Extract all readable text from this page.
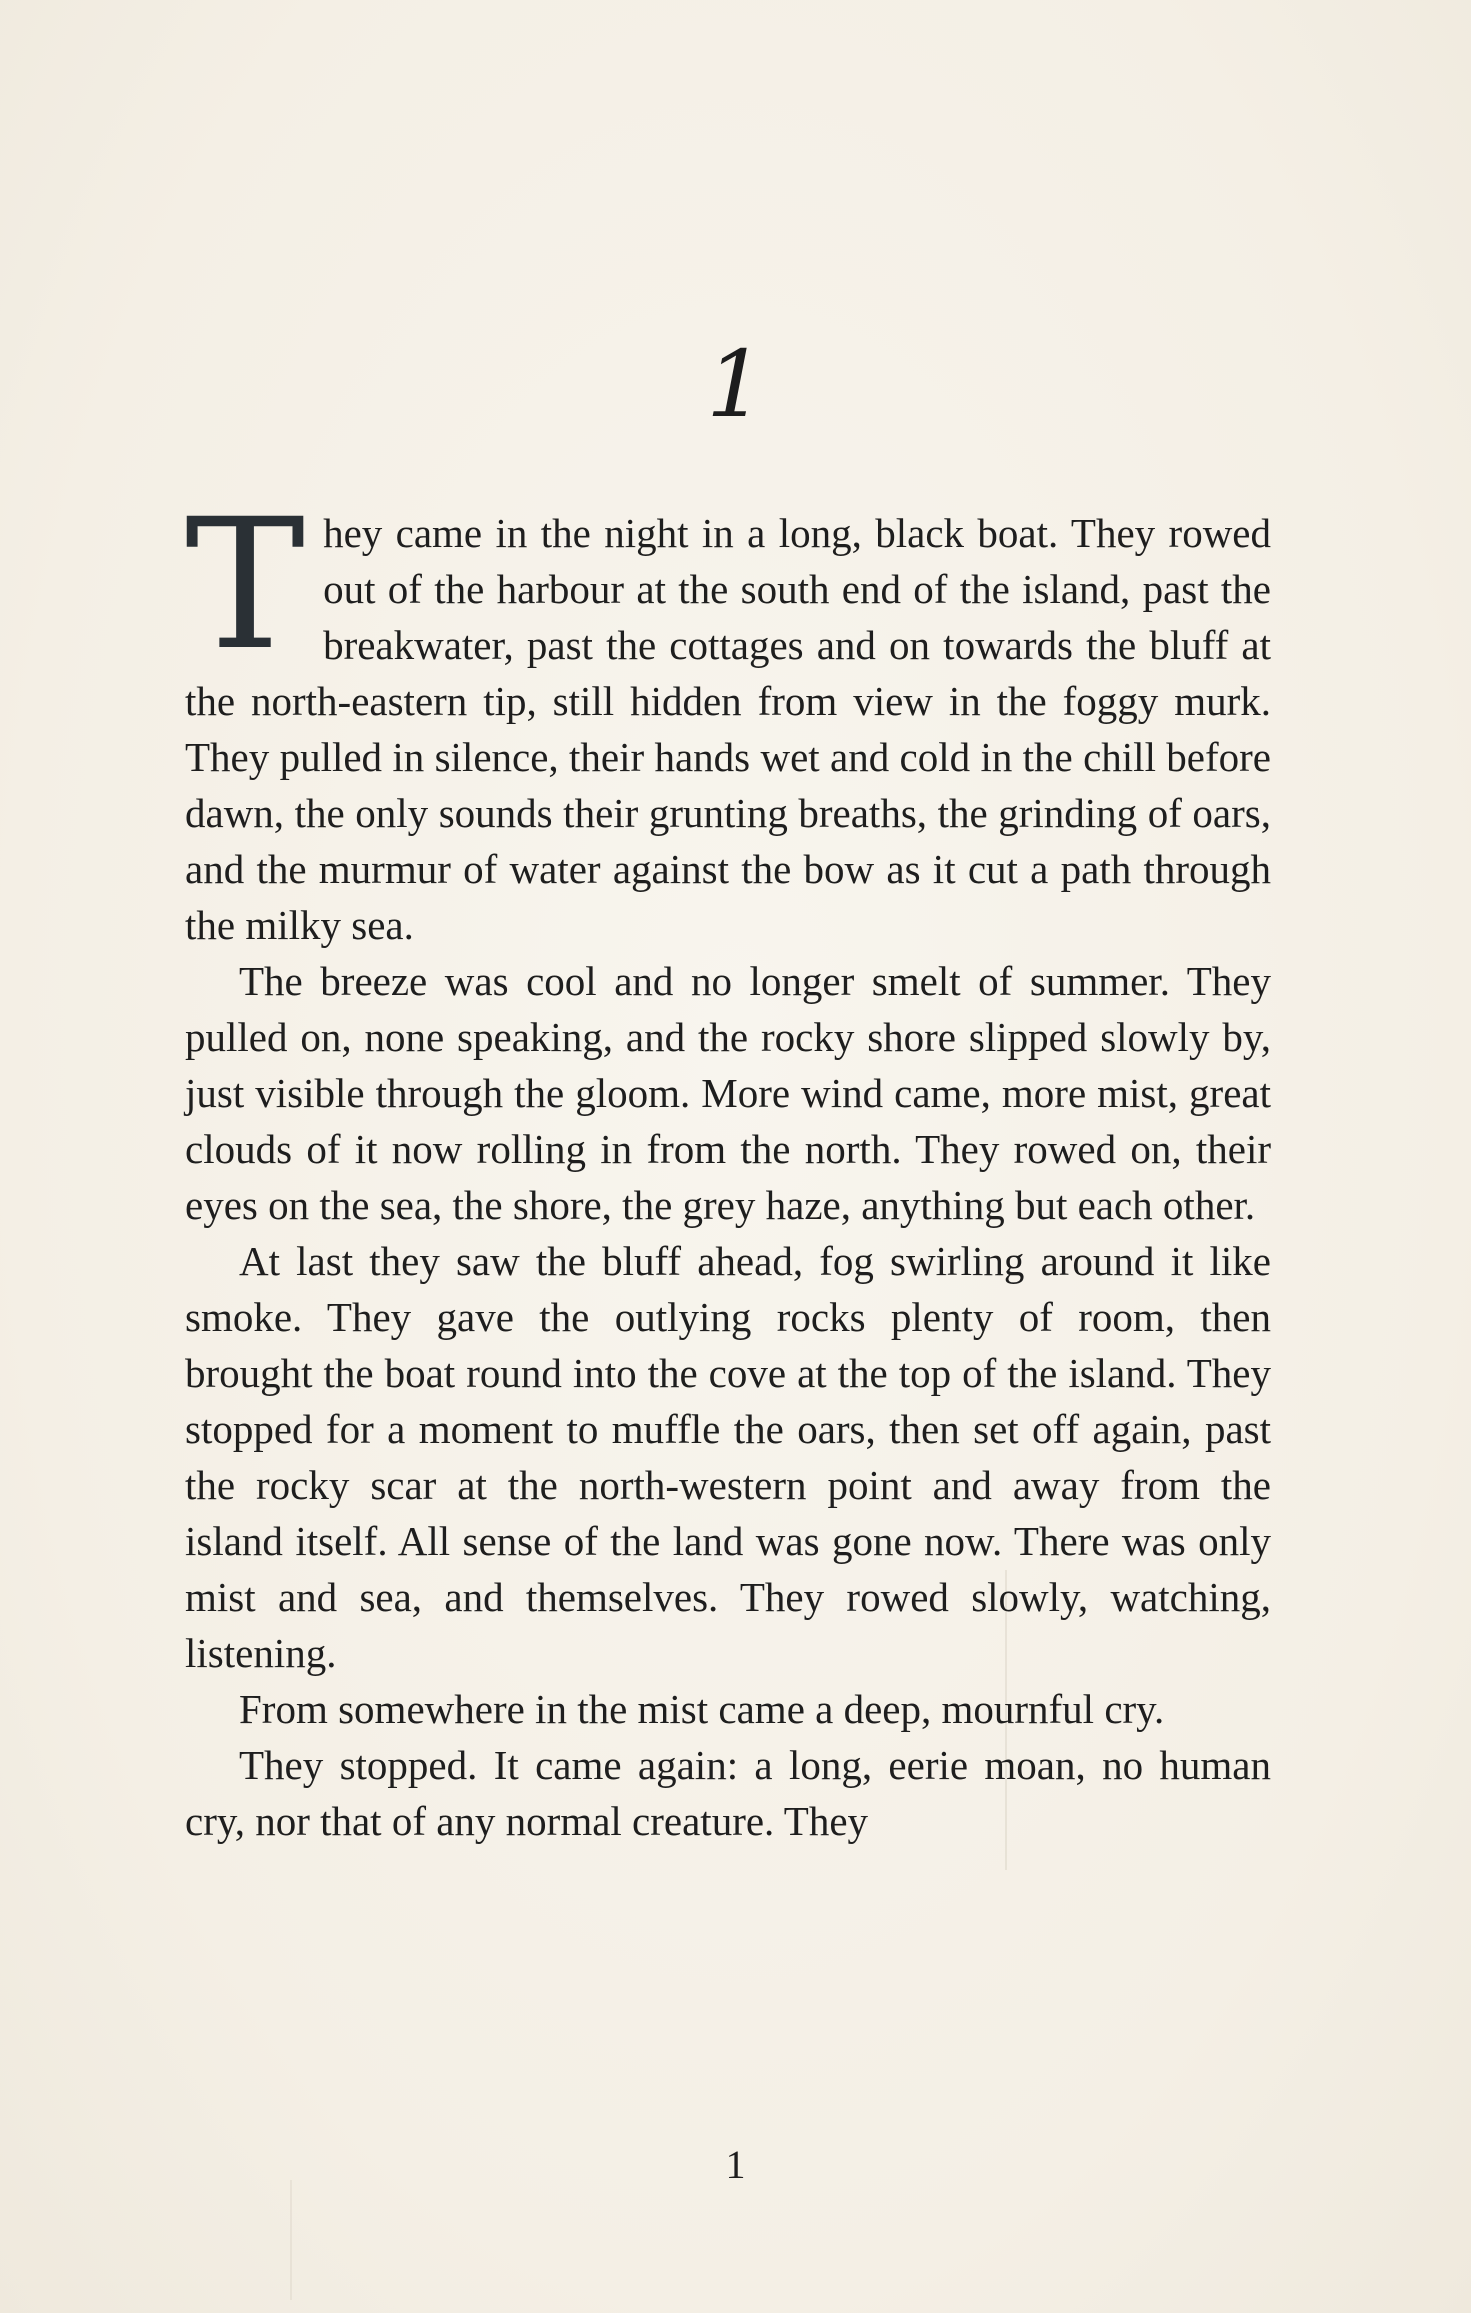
1

They came in the night in a long, black boat. They rowed out of the harbour at the south end of the island, past the breakwater, past the cottages and on towards the bluff at the north-eastern tip, still hidden from view in the foggy murk. They pulled in silence, their hands wet and cold in the chill before dawn, the only sounds their grunting breaths, the grinding of oars, and the murmur of water against the bow as it cut a path through the milky sea.

The breeze was cool and no longer smelt of summer. They pulled on, none speaking, and the rocky shore slipped slowly by, just visible through the gloom. More wind came, more mist, great clouds of it now rolling in from the north. They rowed on, their eyes on the sea, the shore, the grey haze, anything but each other.

At last they saw the bluff ahead, fog swirling around it like smoke. They gave the outlying rocks plenty of room, then brought the boat round into the cove at the top of the island. They stopped for a moment to muffle the oars, then set off again, past the rocky scar at the north-western point and away from the island itself. All sense of the land was gone now. There was only mist and sea, and themselves. They rowed slowly, watching, listening.

From somewhere in the mist came a deep, mournful cry.

They stopped. It came again: a long, eerie moan, no human cry, nor that of any normal creature. They

1
